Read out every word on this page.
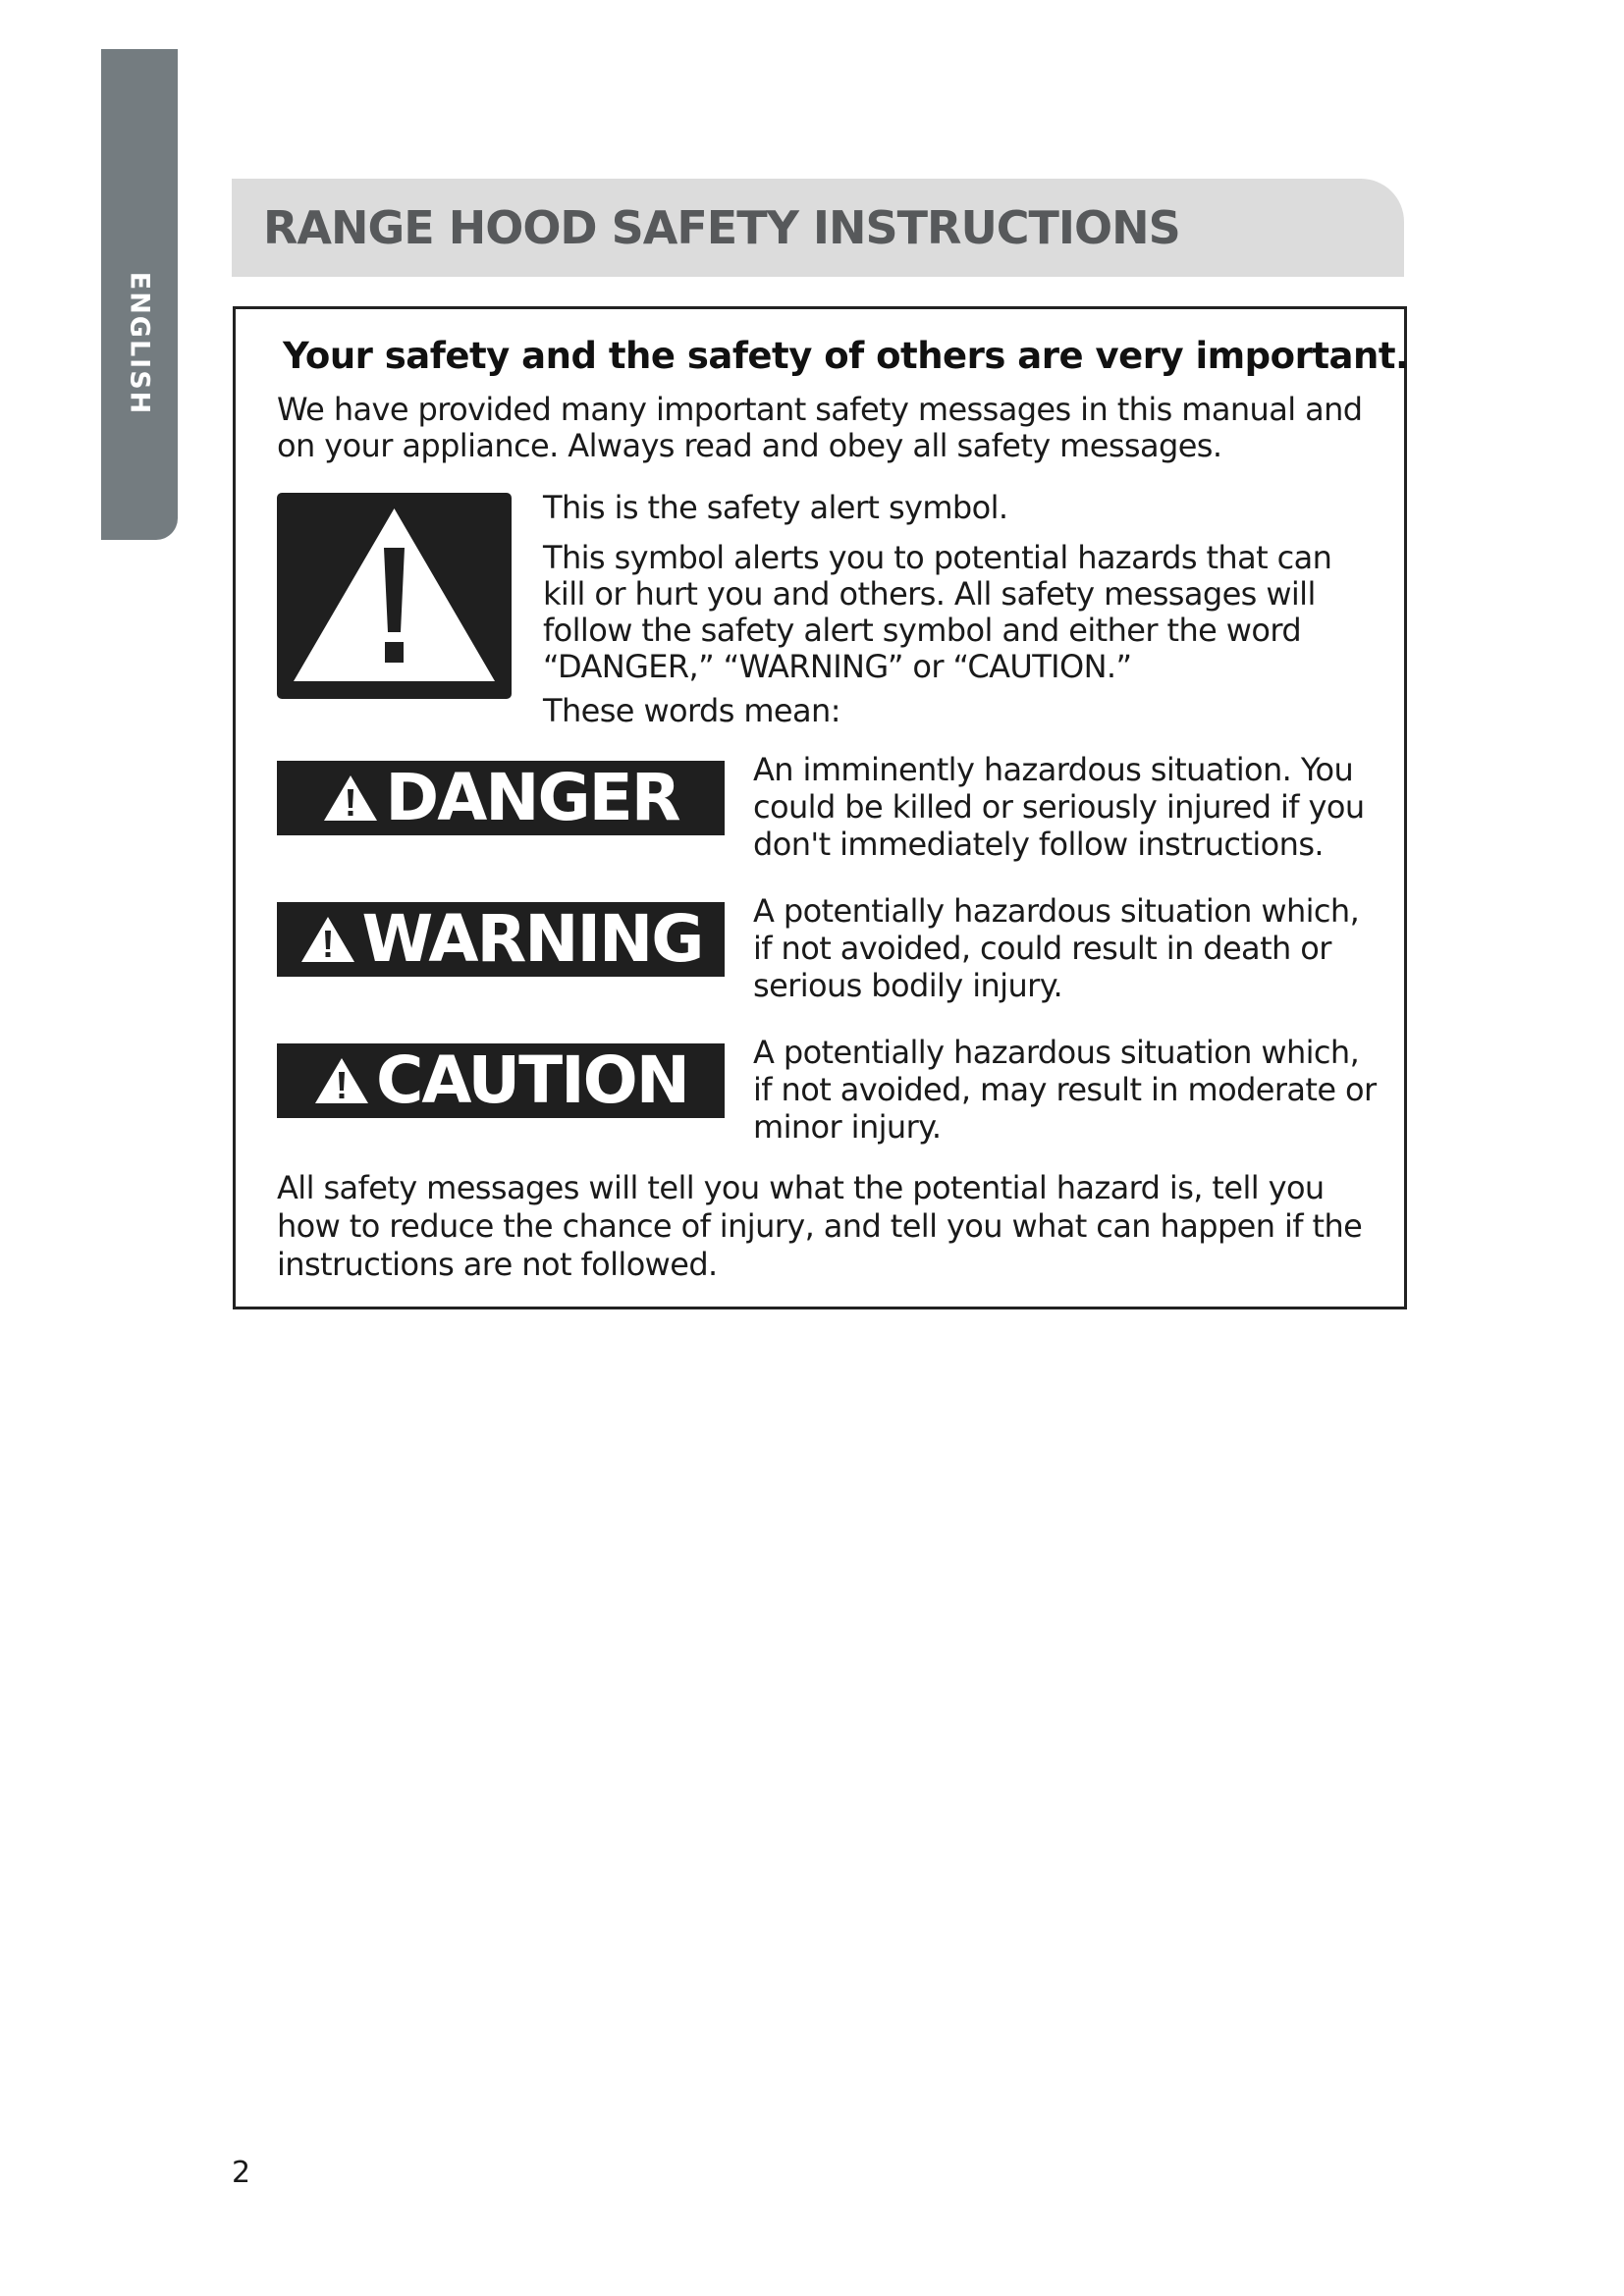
ENGLISH
RANGE HOOD SAFETY INSTRUCTIONS
Your safety and the safety of others are very important.

We have provided many important safety messages in this manual and on your appliance. Always read and obey all safety messages.

This is the safety alert symbol.

This symbol alerts you to potential hazards that can kill or hurt you and others. All safety messages will follow the safety alert symbol and either the word “DANGER,” “WARNING” or “CAUTION.”

These words mean:

DANGER An imminently hazardous situation. You could be killed or seriously injured if you don't immediately follow instructions.

WARNING A potentially hazardous situation which, if not avoided, could result in death or serious bodily injury.

CAUTION A potentially hazardous situation which, if not avoided, may result in moderate or minor injury.

All safety messages will tell you what the potential hazard is, tell you how to reduce the chance of injury, and tell you what can happen if the instructions are not followed.

2
